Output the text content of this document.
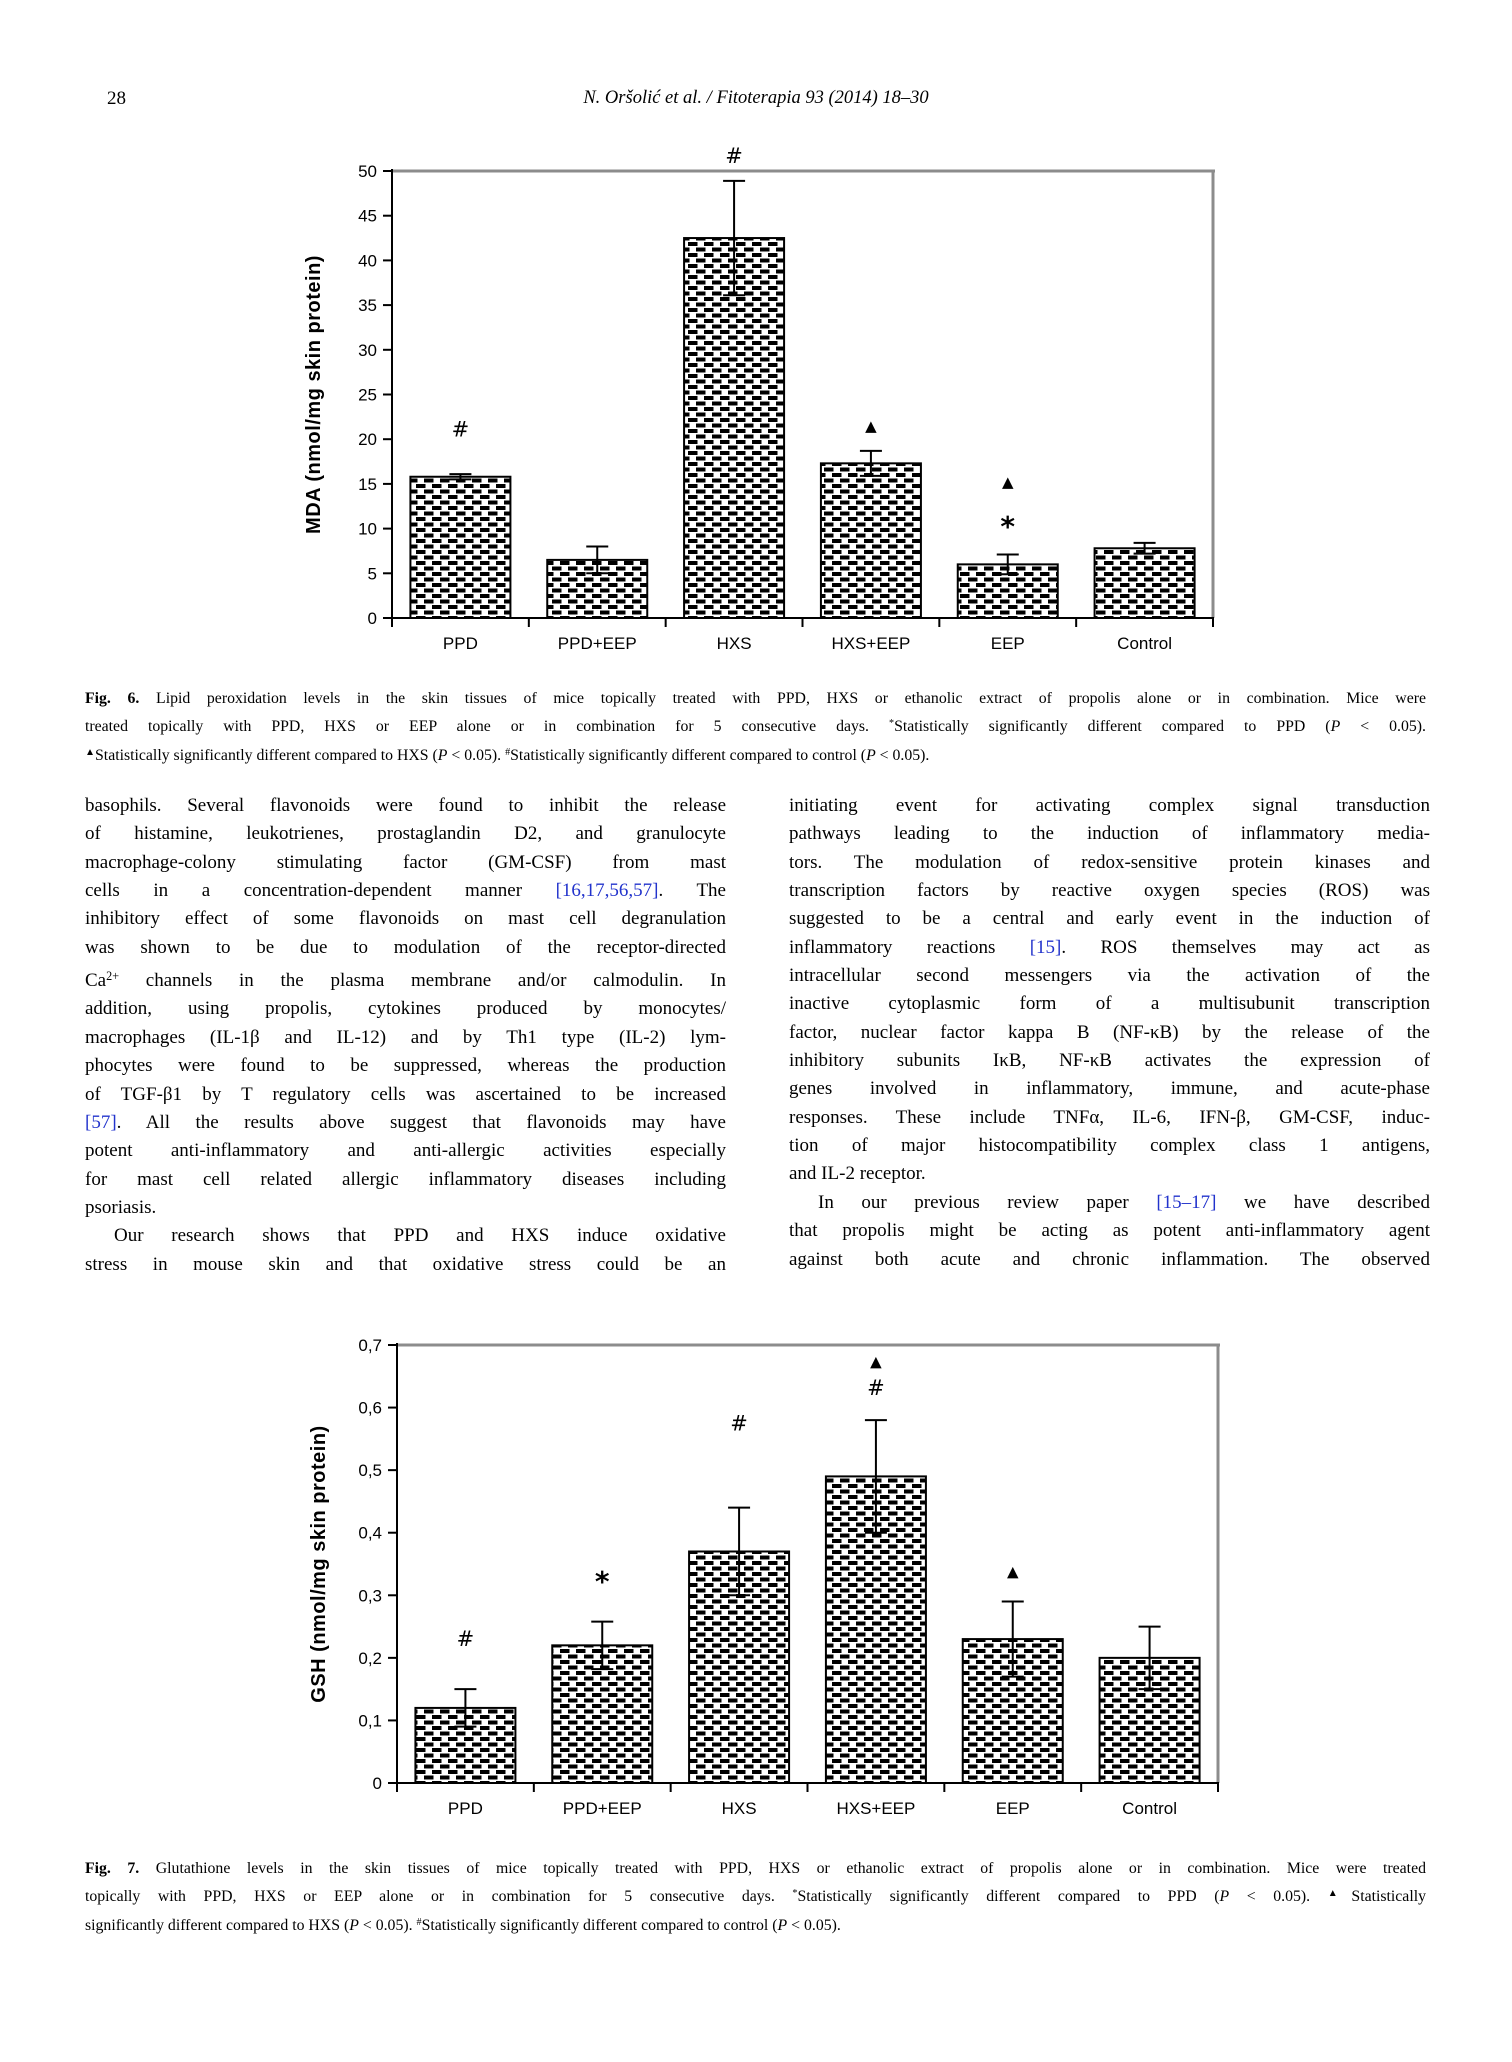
28	N. Oršolić et al. / Fitoterapia 93 (2014) 18–30
0
5
10
15
20
25
30
35
40
45
50
#
PPD	PPD+EEP
#
HXS
▲
HXS+EEP
▲
*
EEP	Control
MDA (nmol/mg skin protein)
Fig. 6. Lipid peroxidation levels in the skin tissues of mice topically treated with PPD, HXS or ethanolic extract of propolis alone or in combination. Mice were
treated topically with PPD, HXS or EEP alone or in combination for 5 consecutive days. *Statistically significantly different compared to PPD (P < 0.05).
▲Statistically significantly different compared to HXS (P < 0.05). #Statistically significantly different compared to control (P < 0.05).
basophils. Several flavonoids were found to inhibit the release
of histamine, leukotrienes, prostaglandin D2, and granulocyte
macrophage-colony stimulating factor (GM-CSF) from mast
cells in a concentration-dependent manner [16,17,56,57]. The
inhibitory effect of some flavonoids on mast cell degranulation
was shown to be due to modulation of the receptor-directed
$Ca^{2+}$ channels in the plasma membrane and/or calmodulin. In
addition, using propolis, cytokines produced by monocytes/
macrophages (IL-1β and IL-12) and by Th1 type (IL-2) lym-
phocytes were found to be suppressed, whereas the production
of TGF-β1 by T regulatory cells was ascertained to be increased
[57]. All the results above suggest that flavonoids may have
potent anti-inflammatory and anti-allergic activities especially
for mast cell related allergic inflammatory diseases including
psoriasis.
Our research shows that PPD and HXS induce oxidative
stress in mouse skin and that oxidative stress could be an
initiating event for activating complex signal transduction
pathways leading to the induction of inflammatory media-
tors. The modulation of redox-sensitive protein kinases and
transcription factors by reactive oxygen species (ROS) was
suggested to be a central and early event in the induction of
inflammatory reactions [15]. ROS themselves may act as
intracellular second messengers via the activation of the
inactive cytoplasmic form of a multisubunit transcription
factor, nuclear factor kappa B (NF-κB) by the release of the
inhibitory subunits IκB, NF-κB activates the expression of
genes involved in inflammatory, immune, and acute-phase
responses. These include TNFα, IL-6, IFN-β, GM-CSF, induc-
tion of major histocompatibility complex class 1 antigens,
and IL-2 receptor.
In our previous review paper [15–17] we have described
that propolis might be acting as potent anti-inflammatory agent
against both acute and chronic inflammation. The observed
0
0,1
0,2
0,3
0,4
0,5
0,6
0,7
#
PPD
*
PPD+EEP
#
HXS
▲
#
HXS+EEP
▲
EEP	Control
GSH (nmol/mg skin protein)
Fig. 7. Glutathione levels in the skin tissues of mice topically treated with PPD, HXS or ethanolic extract of propolis alone or in combination. Mice were treated
topically with PPD, HXS or EEP alone or in combination for 5 consecutive days. *Statistically significantly different compared to PPD (P < 0.05). ▲Statistically
significantly different compared to HXS (P < 0.05). #Statistically significantly different compared to control (P < 0.05).
